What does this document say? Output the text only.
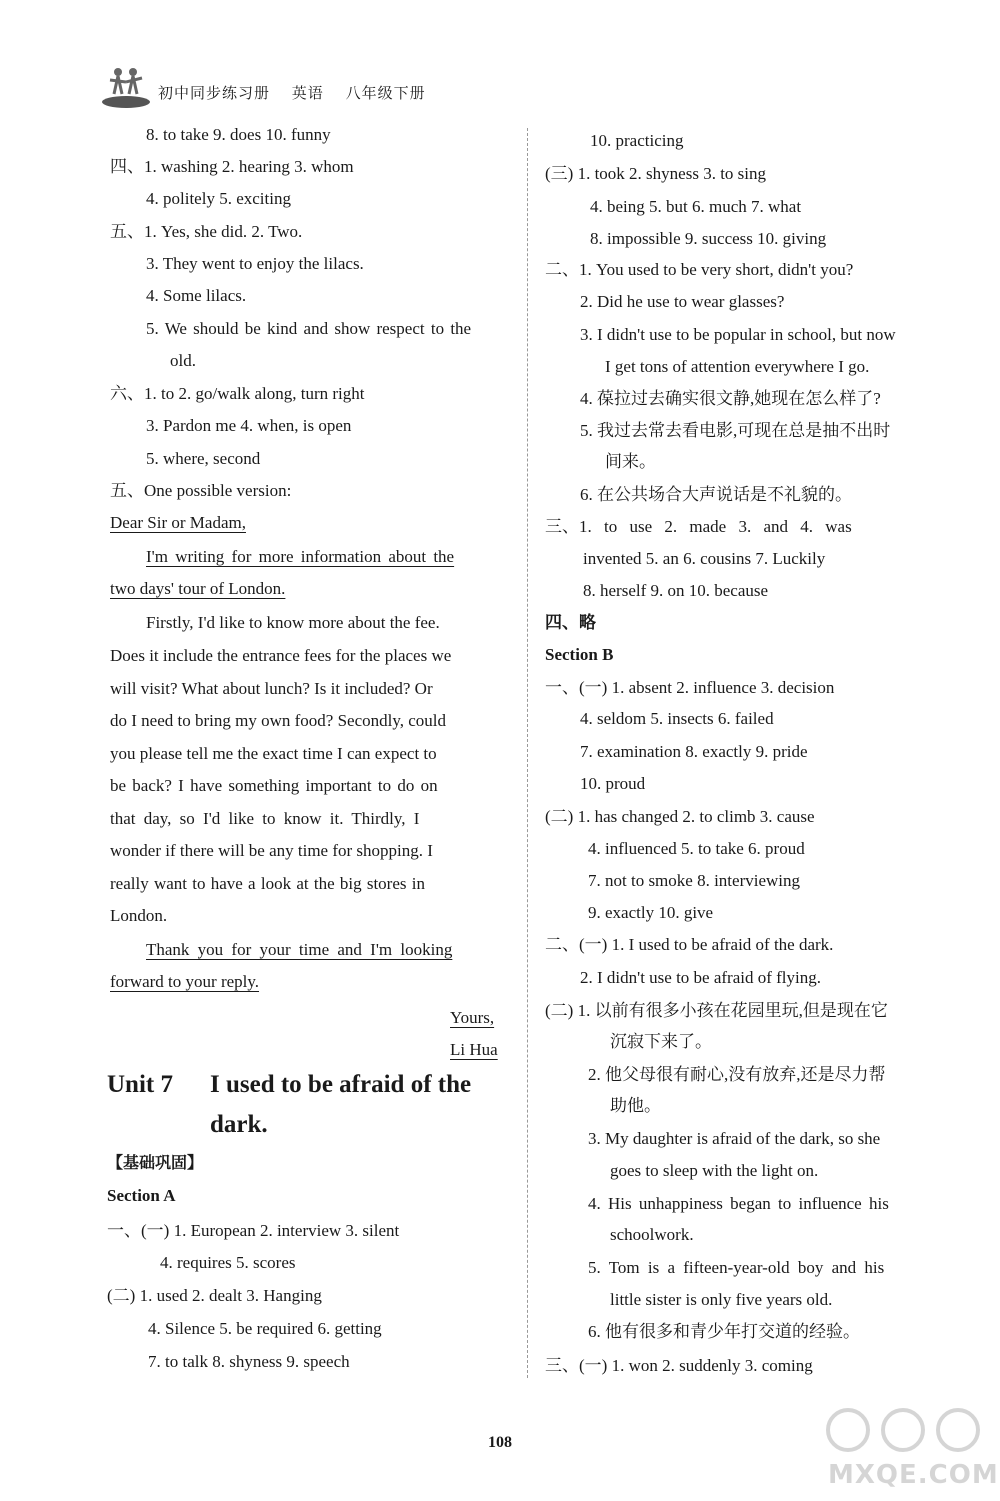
初中同步练习册 英语 八年级下册
8. to take 9. does 10. funny
四、1. washing 2. hearing 3. whom
4. politely 5. exciting
五、1. Yes, she did. 2. Two.
3. They went to enjoy the lilacs.
4. Some lilacs.
5. We should be kind and show respect to the
old.
六、1. to 2. go/walk along, turn right
3. Pardon me 4. when, is open
5. where, second
五、One possible version:
Dear Sir or Madam,
I'm writing for more information about the
two days' tour of London.
Firstly, I'd like to know more about the fee.
Does it include the entrance fees for the places we
will visit? What about lunch? Is it included? Or
do I need to bring my own food? Secondly, could
you please tell me the exact time I can expect to
be back? I have something important to do on
that day, so I'd like to know it. Thirdly, I
wonder if there will be any time for shopping. I
really want to have a look at the big stores in
London.
Thank you for your time and I'm looking
forward to your reply.
Yours,
Li Hua
Unit 7 I used to be afraid of the
dark.
【基础巩固】
Section A
一、(一) 1. European 2. interview 3. silent
4. requires 5. scores
(二) 1. used 2. dealt 3. Hanging
4. Silence 5. be required 6. getting
7. to talk 8. shyness 9. speech
10. practicing
(三) 1. took 2. shyness 3. to sing
4. being 5. but 6. much 7. what
8. impossible 9. success 10. giving
二、1. You used to be very short, didn't you?
2. Did he use to wear glasses?
3. I didn't use to be popular in school, but now
I get tons of attention everywhere I go.
4. 葆拉过去确实很文静,她现在怎么样了?
5. 我过去常去看电影,可现在总是抽不出时
间来。
6. 在公共场合大声说话是不礼貌的。
三、1. to use 2. made 3. and 4. was
invented 5. an 6. cousins 7. Luckily
8. herself 9. on 10. because
四、略
Section B
一、(一) 1. absent 2. influence 3. decision
4. seldom 5. insects 6. failed
7. examination 8. exactly 9. pride
10. proud
(二) 1. has changed 2. to climb 3. cause
4. influenced 5. to take 6. proud
7. not to smoke 8. interviewing
9. exactly 10. give
二、(一) 1. I used to be afraid of the dark.
2. I didn't use to be afraid of flying.
(二) 1. 以前有很多小孩在花园里玩,但是现在它
沉寂下来了。
2. 他父母很有耐心,没有放弃,还是尽力帮
助他。
3. My daughter is afraid of the dark, so she
goes to sleep with the light on.
4. His unhappiness began to influence his
schoolwork.
5. Tom is a fifteen-year-old boy and his
little sister is only five years old.
6. 他有很多和青少年打交道的经验。
三、(一) 1. won 2. suddenly 3. coming
108
MXQE.COM
